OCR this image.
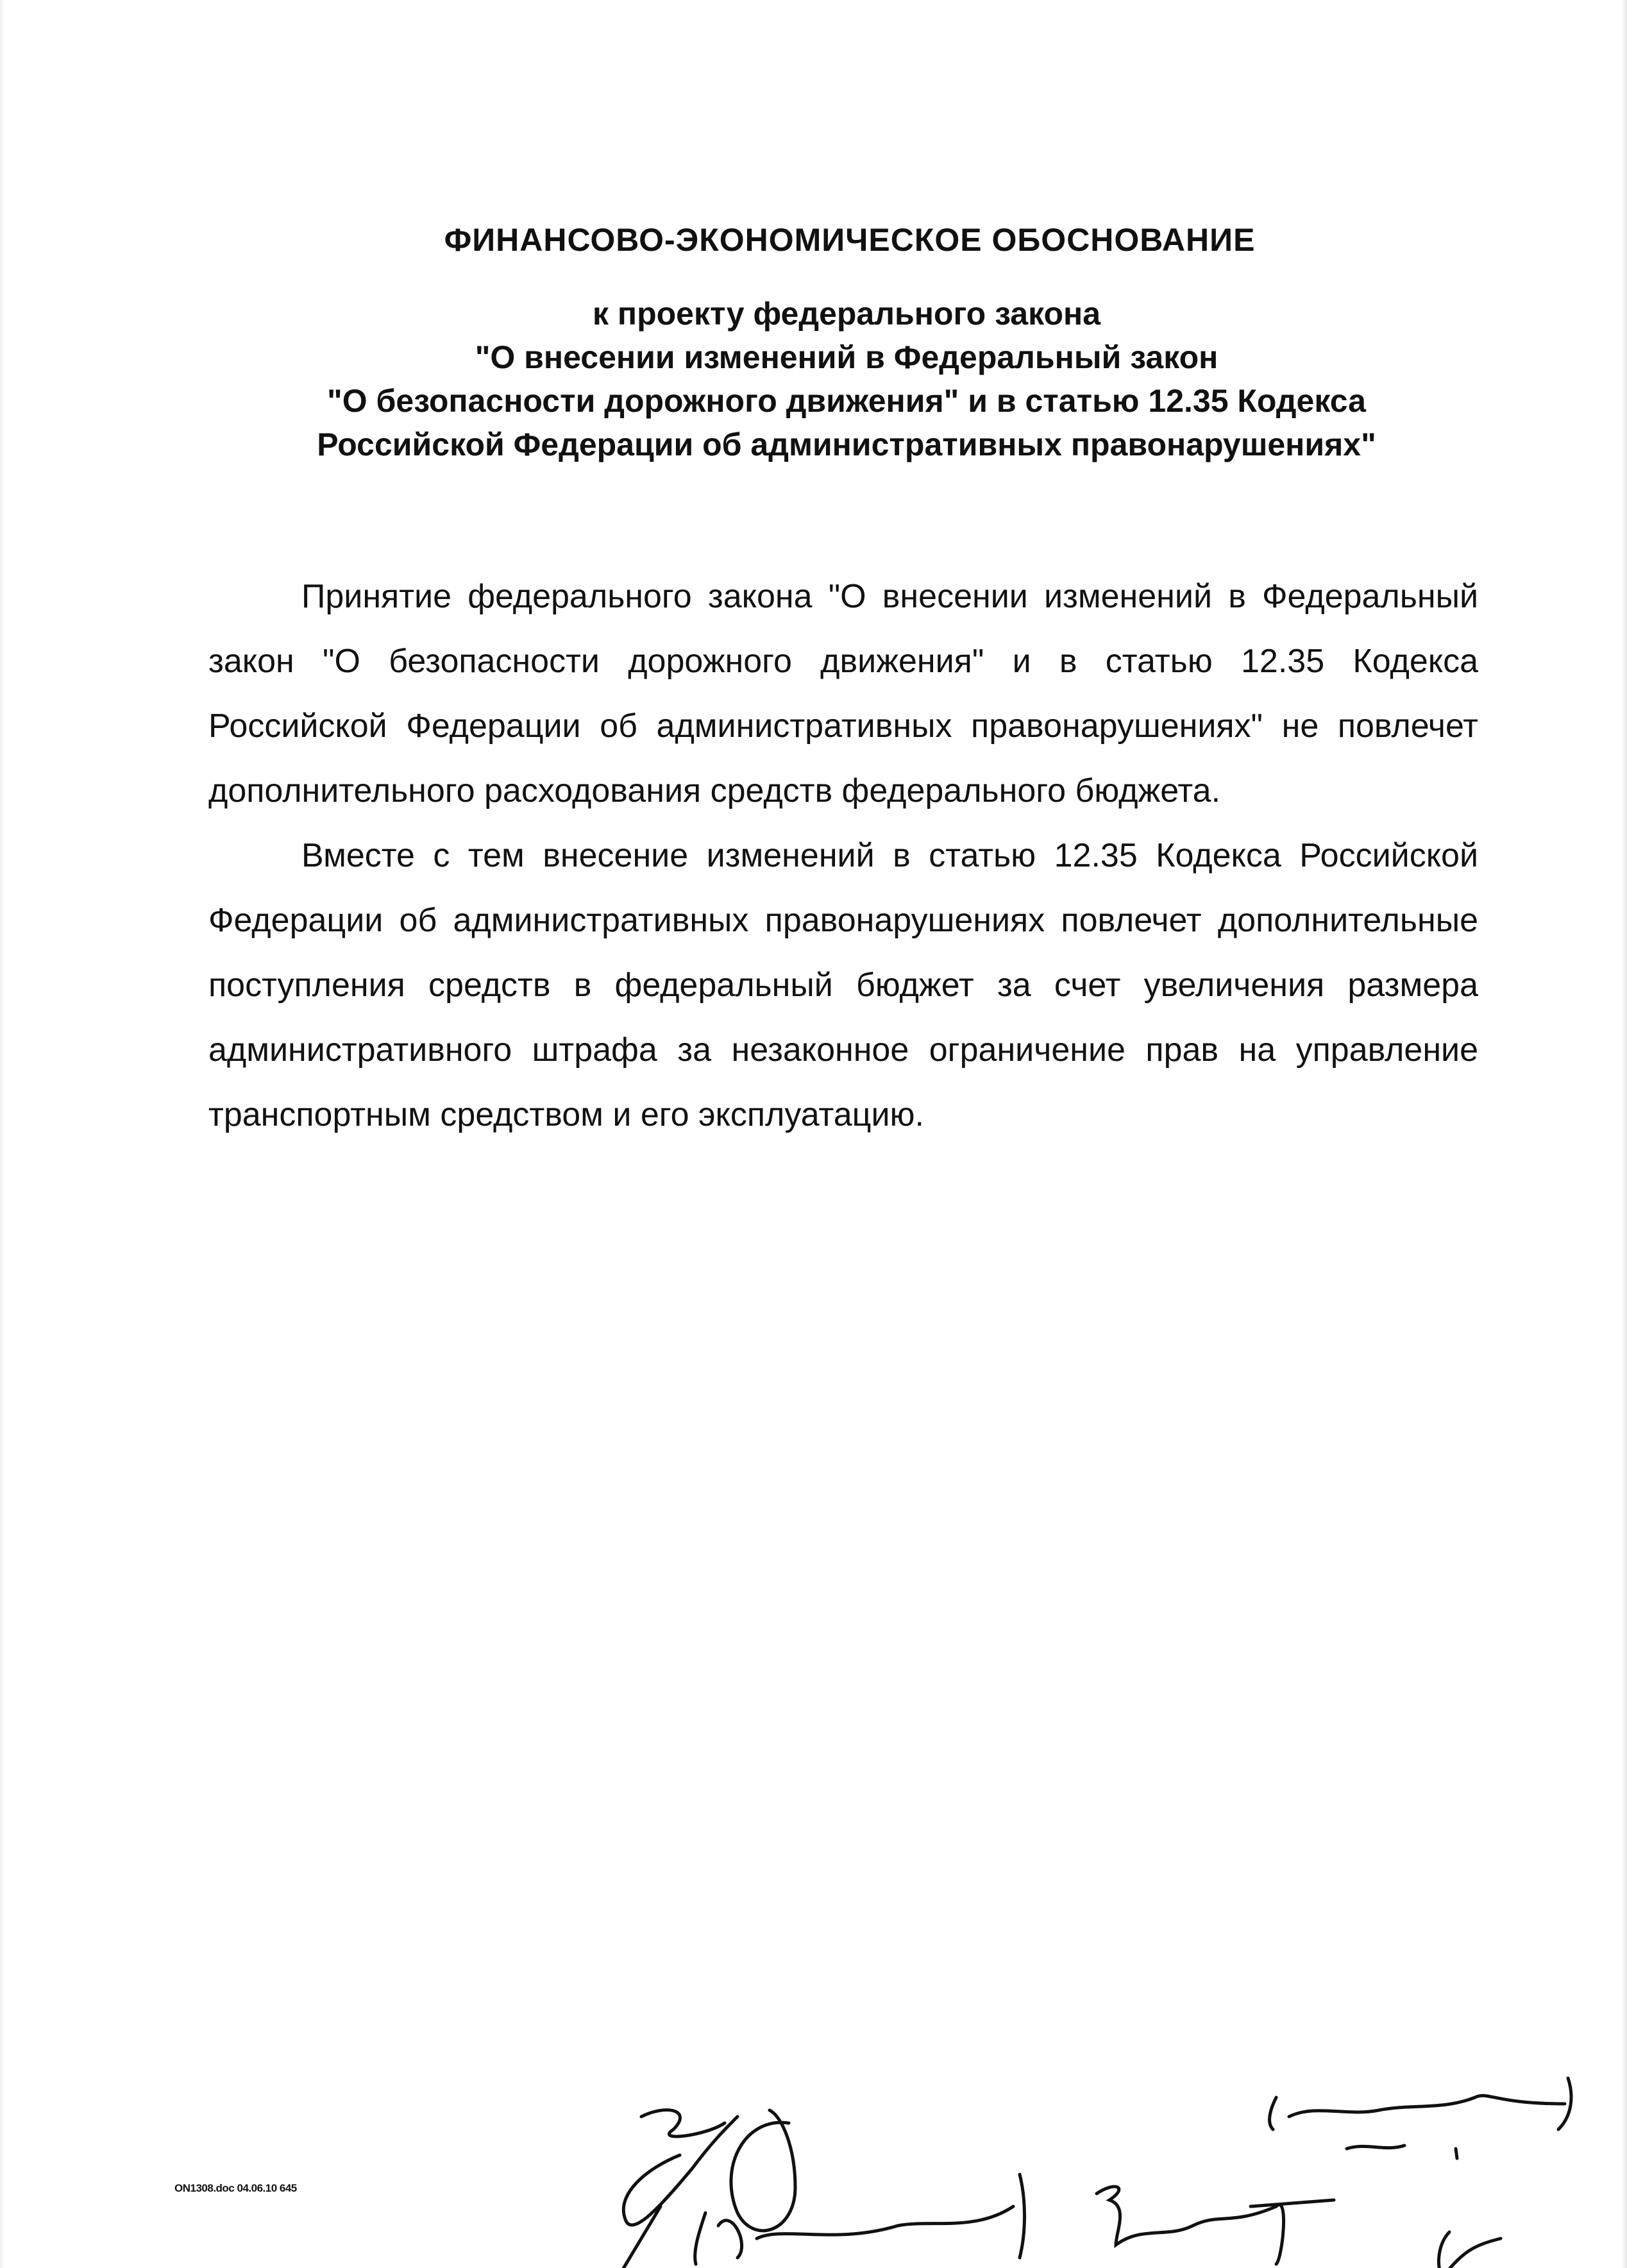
ФИНАНСОВО-ЭКОНОМИЧЕСКОЕ ОБОСНОВАНИЕ
к проекту федерального закона
"О внесении изменений в Федеральный закон
"О безопасности дорожного движения" и в статью 12.35 Кодекса
Российской Федерации об административных правонарушениях"

Принятие федерального закона "О внесении изменений в Федеральный закон "О безопасности дорожного движения" и в статью 12.35 Кодекса Российской Федерации об административных правонарушениях" не повлечет дополнительного расходования средств федерального бюджета.

Вместе с тем внесение изменений в статью 12.35 Кодекса Российской Федерации об административных правонарушениях повлечет дополнительные поступления средств в федеральный бюджет за счет увеличения размера административного штрафа за незаконное ограничение прав на управление транспортным средством и его эксплуатацию.

ON1308.doc 04.06.10 645
